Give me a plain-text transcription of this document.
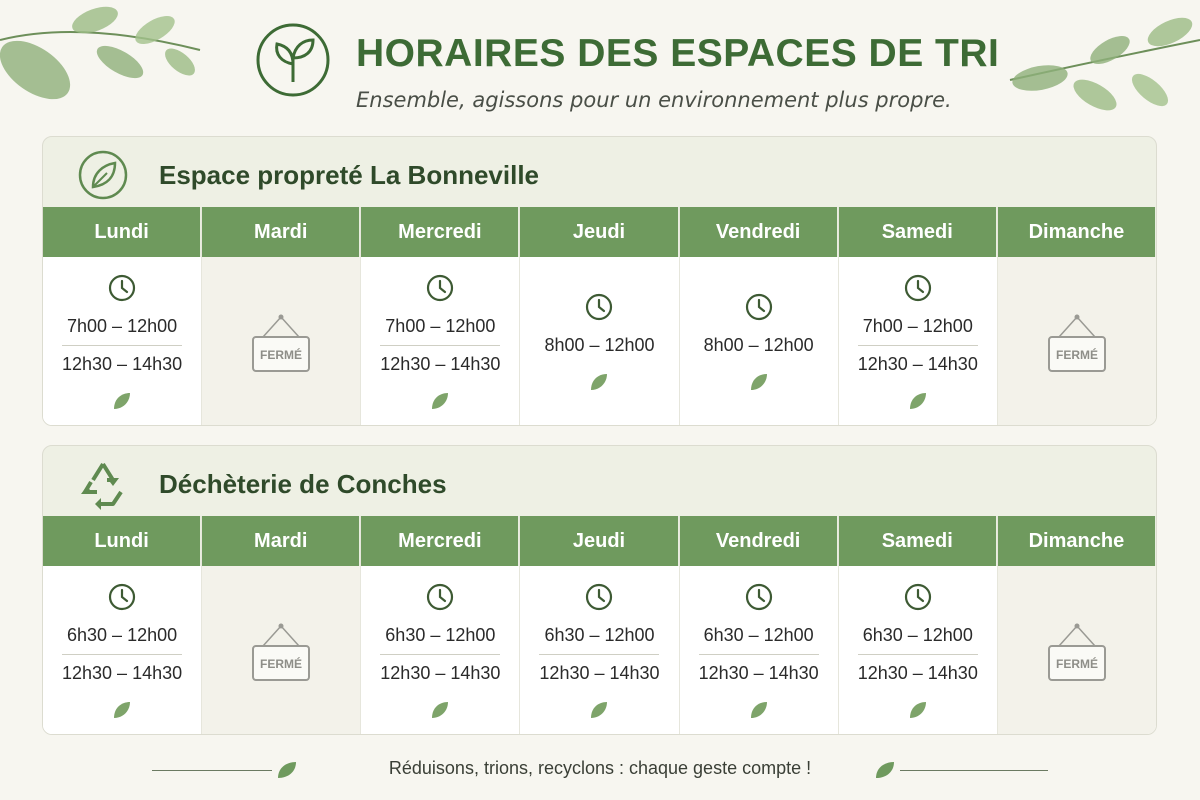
HORAIRES DES ESPACES DE TRI
Ensemble, agissons pour un environnement plus propre.
Espace propreté La Bonneville
Lundi
7h00 – 12h00
12h30 – 14h30
Mardi
FERMÉ
Mercredi
7h00 – 12h00
12h30 – 14h30
Jeudi
8h00 – 12h00
Vendredi
8h00 – 12h00
Samedi
7h00 – 12h00
12h30 – 14h30
Dimanche
FERMÉ
Déchèterie de Conches
Lundi
6h30 – 12h00
12h30 – 14h30
Mardi
FERMÉ
Mercredi
6h30 – 12h00
12h30 – 14h30
Jeudi
6h30 – 12h00
12h30 – 14h30
Vendredi
6h30 – 12h00
12h30 – 14h30
Samedi
6h30 – 12h00
12h30 – 14h30
Dimanche
FERMÉ
Réduisons, trions, recyclons : chaque geste compte !
